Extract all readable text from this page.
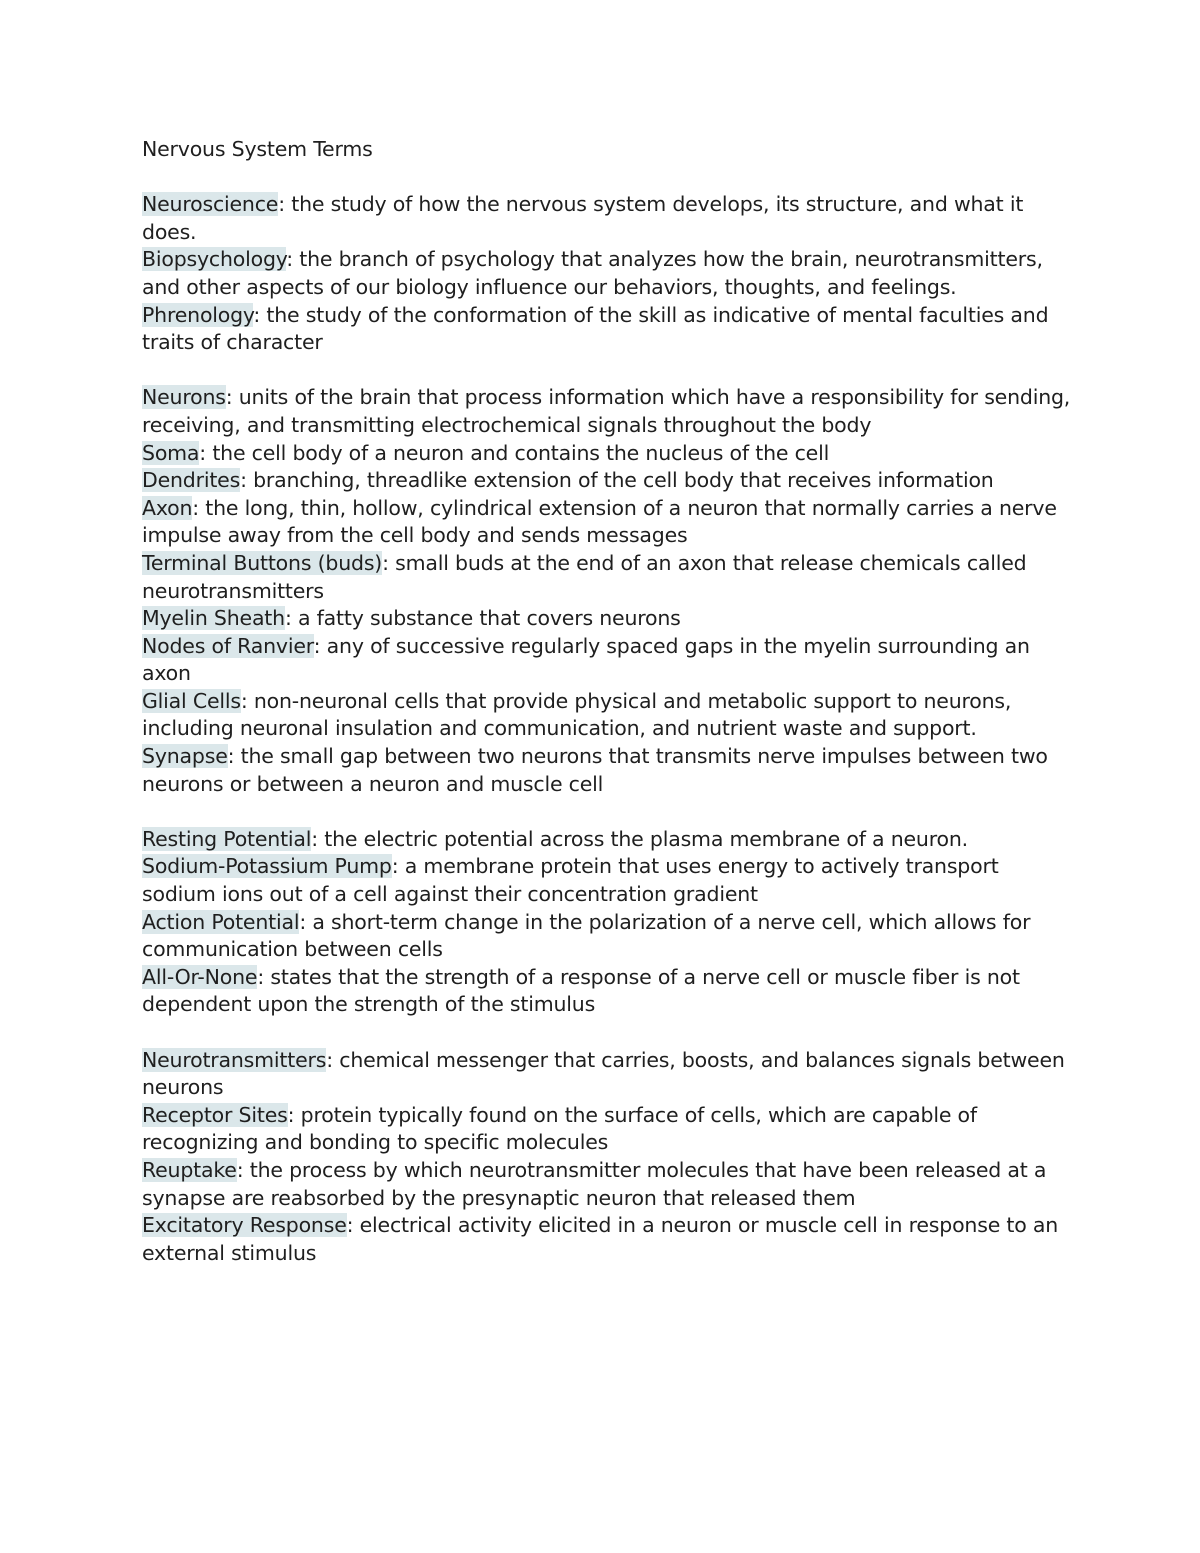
Nervous System Terms

Neuroscience: the study of how the nervous system develops, its structure, and what it does.

Biopsychology: the branch of psychology that analyzes how the brain, neurotransmitters, and other aspects of our biology influence our behaviors, thoughts, and feelings.

Phrenology: the study of the conformation of the skill as indicative of mental faculties and traits of character

Neurons: units of the brain that process information which have a responsibility for sending, receiving, and transmitting electrochemical signals throughout the body

Soma: the cell body of a neuron and contains the nucleus of the cell

Dendrites: branching, threadlike extension of the cell body that receives information

Axon: the long, thin, hollow, cylindrical extension of a neuron that normally carries a nerve impulse away from the cell body and sends messages

Terminal Buttons (buds): small buds at the end of an axon that release chemicals called neurotransmitters

Myelin Sheath: a fatty substance that covers neurons

Nodes of Ranvier: any of successive regularly spaced gaps in the myelin surrounding an axon

Glial Cells: non-neuronal cells that provide physical and metabolic support to neurons, including neuronal insulation and communication, and nutrient waste and support.

Synapse: the small gap between two neurons that transmits nerve impulses between two neurons or between a neuron and muscle cell

Resting Potential: the electric potential across the plasma membrane of a neuron.

Sodium-Potassium Pump: a membrane protein that uses energy to actively transport sodium ions out of a cell against their concentration gradient

Action Potential: a short-term change in the polarization of a nerve cell, which allows for communication between cells

All-Or-None: states that the strength of a response of a nerve cell or muscle fiber is not dependent upon the strength of the stimulus

Neurotransmitters: chemical messenger that carries, boosts, and balances signals between neurons

Receptor Sites: protein typically found on the surface of cells, which are capable of recognizing and bonding to specific molecules

Reuptake: the process by which neurotransmitter molecules that have been released at a synapse are reabsorbed by the presynaptic neuron that released them

Excitatory Response: electrical activity elicited in a neuron or muscle cell in response to an external stimulus
